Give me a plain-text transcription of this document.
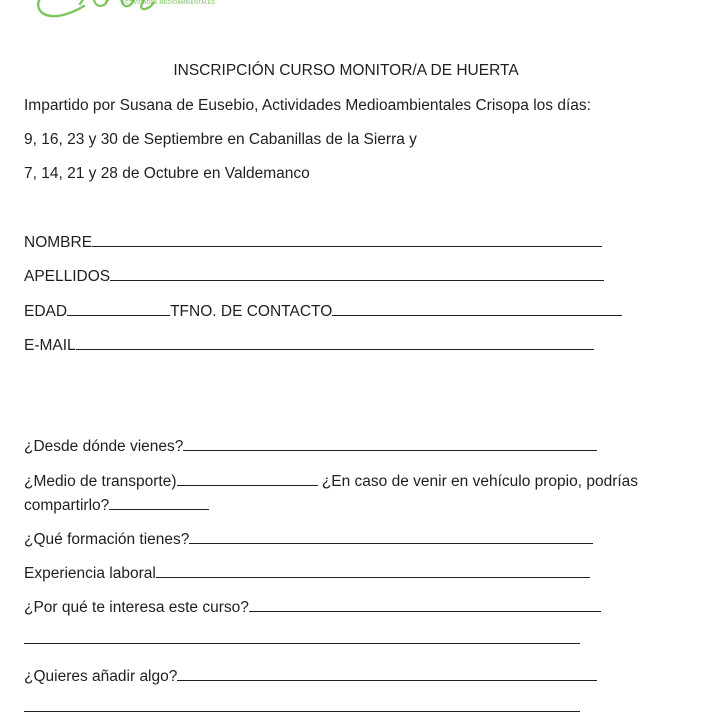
ACTIVIDADES MEDIOAMBIENTALES
INSCRIPCIÓN CURSO MONITOR/A DE HUERTA
Impartido por Susana de Eusebio, Actividades Medioambientales Crisopa los días:
9, 16, 23 y 30 de Septiembre en Cabanillas de la Sierra y
7, 14, 21 y 28 de Octubre en Valdemanco
NOMBRE
APELLIDOS
EDAD	TFNO. DE CONTACTO
E-MAIL
¿Desde dónde vienes?
¿Medio de transporte)	¿En caso de venir en vehículo propio, podrías
compartirlo?
¿Qué formación tienes?
Experiencia laboral
¿Por qué te interesa este curso?
¿Quieres añadir algo?
